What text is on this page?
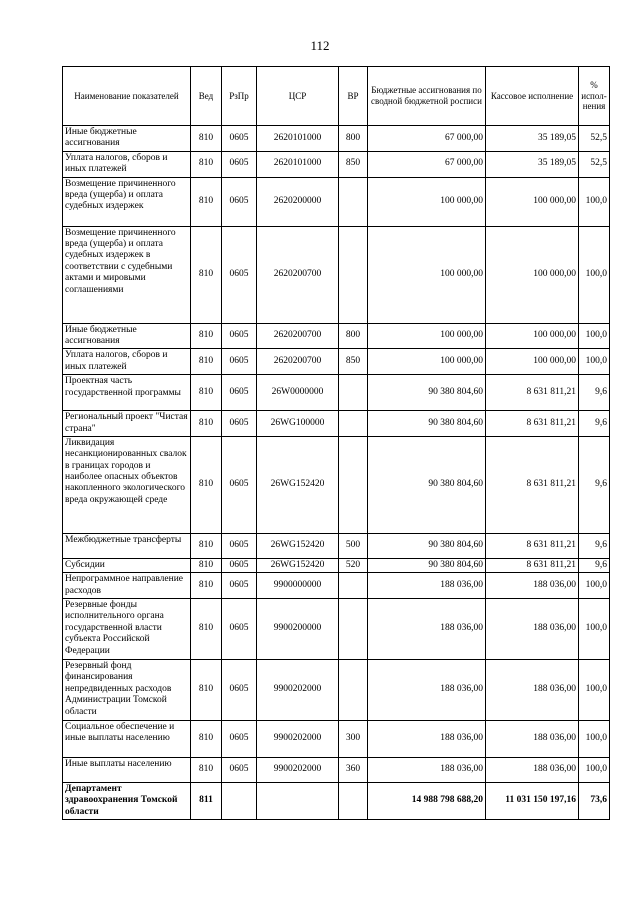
112
Наименование показателей	Вед	РзПр	ЦСР	ВР	Бюджетные ассигнования по сводной бюджетной росписи	Кассовое исполнение	% испол-нения
Иные бюджетные ассигнования	810	0605	2620101000	800	67 000,00	35 189,05	52,5
Уплата налогов, сборов и иных платежей	810	0605	2620101000	850	67 000,00	35 189,05	52,5
Возмещение причиненного вреда (ущерба) и оплата судебных издержек	810	0605	2620200000		100 000,00	100 000,00	100,0
Возмещение причиненного вреда (ущерба) и оплата судебных издержек в соответствии с судебными актами и мировыми соглашениями	810	0605	2620200700		100 000,00	100 000,00	100,0
Иные бюджетные ассигнования	810	0605	2620200700	800	100 000,00	100 000,00	100,0
Уплата налогов, сборов и иных платежей	810	0605	2620200700	850	100 000,00	100 000,00	100,0
Проектная часть государственной программы	810	0605	26W0000000		90 380 804,60	8 631 811,21	9,6
Региональный проект "Чистая страна"	810	0605	26WG100000		90 380 804,60	8 631 811,21	9,6
Ликвидация несанкционированных свалок в границах городов и наиболее опасных объектов накопленного экологического вреда окружающей среде	810	0605	26WG152420		90 380 804,60	8 631 811,21	9,6
Межбюджетные трансферты	810	0605	26WG152420	500	90 380 804,60	8 631 811,21	9,6
Субсидии	810	0605	26WG152420	520	90 380 804,60	8 631 811,21	9,6
Непрограммное направление расходов	810	0605	9900000000		188 036,00	188 036,00	100,0
Резервные фонды исполнительного органа государственной власти субъекта Российской Федерации	810	0605	9900200000		188 036,00	188 036,00	100,0
Резервный фонд финансирования непредвиденных расходов Администрации Томской области	810	0605	9900202000		188 036,00	188 036,00	100,0
Социальное обеспечение и иные выплаты населению	810	0605	9900202000	300	188 036,00	188 036,00	100,0
Иные выплаты населению	810	0605	9900202000	360	188 036,00	188 036,00	100,0
Департамент здравоохранения Томской области	811				14 988 798 688,20	11 031 150 197,16	73,6
